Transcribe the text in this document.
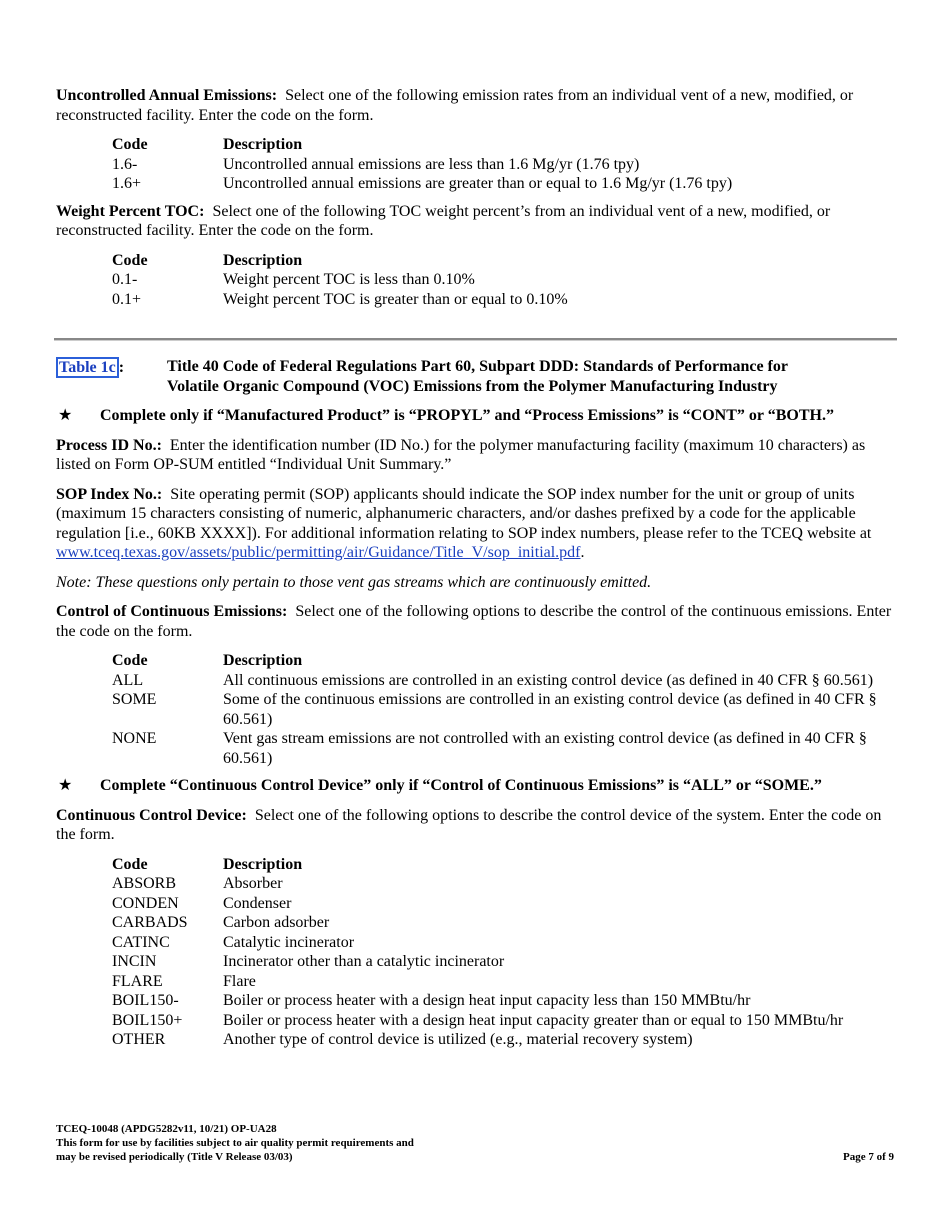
Uncontrolled Annual Emissions: Select one of the following emission rates from an individual vent of a new, modified, or reconstructed facility. Enter the code on the form.

Code	Description
1.6-	Uncontrolled annual emissions are less than 1.6 Mg/yr (1.76 tpy)
1.6+	Uncontrolled annual emissions are greater than or equal to 1.6 Mg/yr (1.76 tpy)

Weight Percent TOC: Select one of the following TOC weight percent’s from an individual vent of a new, modified, or reconstructed facility. Enter the code on the form.

Code	Description
0.1-	Weight percent TOC is less than 0.10%
0.1+	Weight percent TOC is greater than or equal to 0.10%
Table 1c :	Title 40 Code of Federal Regulations Part 60, Subpart DDD: Standards of Performance for
Volatile Organic Compound (VOC) Emissions from the Polymer Manufacturing Industry
★	Complete only if “Manufactured Product” is “PROPYL” and “Process Emissions” is “CONT” or “BOTH.”

Process ID No.: Enter the identification number (ID No.) for the polymer manufacturing facility (maximum 10 characters) as listed on Form OP-SUM entitled “Individual Unit Summary.”

SOP Index No.: Site operating permit (SOP) applicants should indicate the SOP index number for the unit or group of units (maximum 15 characters consisting of numeric, alphanumeric characters, and/or dashes prefixed by a code for the applicable regulation [i.e., 60KB XXXX]). For additional information relating to SOP index numbers, please refer to the TCEQ website at www.tceq.texas.gov/assets/public/permitting/air/Guidance/Title_V/sop_initial.pdf.

Note: These questions only pertain to those vent gas streams which are continuously emitted.

Control of Continuous Emissions: Select one of the following options to describe the control of the continuous emissions. Enter the code on the form.

Code	Description
ALL	All continuous emissions are controlled in an existing control device (as defined in 40 CFR § 60.561)
SOME	Some of the continuous emissions are controlled in an existing control device (as defined in 40 CFR § 60.561)
NONE	Vent gas stream emissions are not controlled with an existing control device (as defined in 40 CFR § 60.561)
★	Complete “Continuous Control Device” only if “Control of Continuous Emissions” is “ALL” or “SOME.”

Continuous Control Device: Select one of the following options to describe the control device of the system. Enter the code on the form.

Code	Description
ABSORB	Absorber
CONDEN	Condenser
CARBADS	Carbon adsorber
CATINC	Catalytic incinerator
INCIN	Incinerator other than a catalytic incinerator
FLARE	Flare
BOIL150-	Boiler or process heater with a design heat input capacity less than 150 MMBtu/hr
BOIL150+	Boiler or process heater with a design heat input capacity greater than or equal to 150 MMBtu/hr
OTHER	Another type of control device is utilized (e.g., material recovery system)
TCEQ-10048 (APDG5282v11, 10/21) OP-UA28
This form for use by facilities subject to air quality permit requirements and
may be revised periodically (Title V Release 03/03)	Page 7 of 9
